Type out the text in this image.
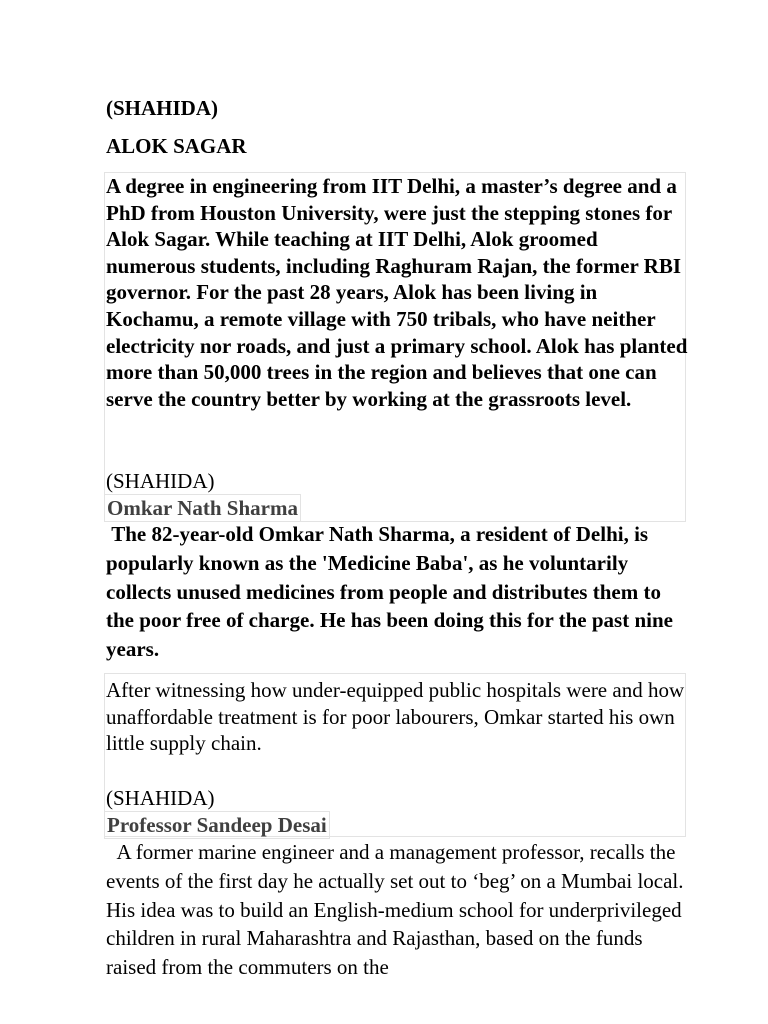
(SHAHIDA)
ALOK SAGAR

A degree in engineering from IIT Delhi, a master’s degree and a PhD from Houston University, were just the stepping stones for Alok Sagar. While teaching at IIT Delhi, Alok groomed numerous students, including Raghuram Rajan, the former RBI governor. For the past 28 years, Alok has been living in Kochamu, a remote village with 750 tribals, who have neither electricity nor roads, and just a primary school. Alok has planted more than 50,000 trees in the region and believes that one can serve the country better by working at the grassroots level.

(SHAHIDA)
Omkar Nath Sharma

The 82-year-old Omkar Nath Sharma, a resident of Delhi, is popularly known as the 'Medicine Baba', as he voluntarily collects unused medicines from people and distributes them to the poor free of charge. He has been doing this for the past nine years.

After witnessing how under-equipped public hospitals were and how unaffordable treatment is for poor labourers, Omkar started his own little supply chain.

(SHAHIDA)
Professor Sandeep Desai

A former marine engineer and a management professor, recalls the events of the first day he actually set out to ‘beg’ on a Mumbai local. His idea was to build an English-medium school for underprivileged children in rural Maharashtra and Rajasthan, based on the funds raised from the commuters on the
